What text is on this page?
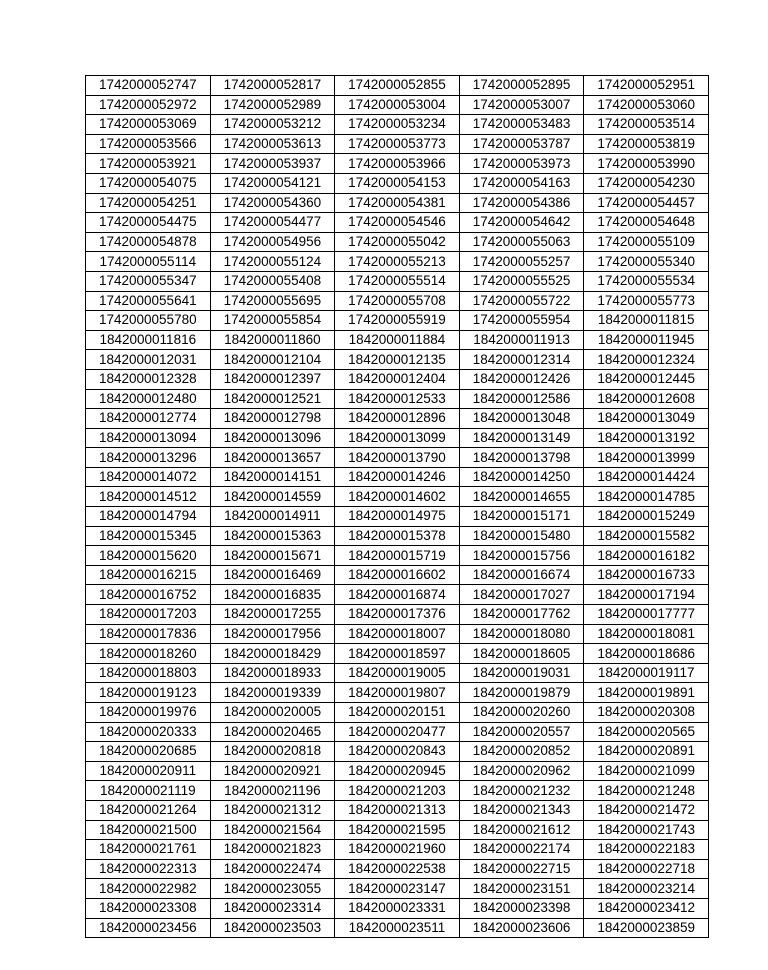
1742000052747	1742000052817	1742000052855	1742000052895	1742000052951
1742000052972	1742000052989	1742000053004	1742000053007	1742000053060
1742000053069	1742000053212	1742000053234	1742000053483	1742000053514
1742000053566	1742000053613	1742000053773	1742000053787	1742000053819
1742000053921	1742000053937	1742000053966	1742000053973	1742000053990
1742000054075	1742000054121	1742000054153	1742000054163	1742000054230
1742000054251	1742000054360	1742000054381	1742000054386	1742000054457
1742000054475	1742000054477	1742000054546	1742000054642	1742000054648
1742000054878	1742000054956	1742000055042	1742000055063	1742000055109
1742000055114	1742000055124	1742000055213	1742000055257	1742000055340
1742000055347	1742000055408	1742000055514	1742000055525	1742000055534
1742000055641	1742000055695	1742000055708	1742000055722	1742000055773
1742000055780	1742000055854	1742000055919	1742000055954	1842000011815
1842000011816	1842000011860	1842000011884	1842000011913	1842000011945
1842000012031	1842000012104	1842000012135	1842000012314	1842000012324
1842000012328	1842000012397	1842000012404	1842000012426	1842000012445
1842000012480	1842000012521	1842000012533	1842000012586	1842000012608
1842000012774	1842000012798	1842000012896	1842000013048	1842000013049
1842000013094	1842000013096	1842000013099	1842000013149	1842000013192
1842000013296	1842000013657	1842000013790	1842000013798	1842000013999
1842000014072	1842000014151	1842000014246	1842000014250	1842000014424
1842000014512	1842000014559	1842000014602	1842000014655	1842000014785
1842000014794	1842000014911	1842000014975	1842000015171	1842000015249
1842000015345	1842000015363	1842000015378	1842000015480	1842000015582
1842000015620	1842000015671	1842000015719	1842000015756	1842000016182
1842000016215	1842000016469	1842000016602	1842000016674	1842000016733
1842000016752	1842000016835	1842000016874	1842000017027	1842000017194
1842000017203	1842000017255	1842000017376	1842000017762	1842000017777
1842000017836	1842000017956	1842000018007	1842000018080	1842000018081
1842000018260	1842000018429	1842000018597	1842000018605	1842000018686
1842000018803	1842000018933	1842000019005	1842000019031	1842000019117
1842000019123	1842000019339	1842000019807	1842000019879	1842000019891
1842000019976	1842000020005	1842000020151	1842000020260	1842000020308
1842000020333	1842000020465	1842000020477	1842000020557	1842000020565
1842000020685	1842000020818	1842000020843	1842000020852	1842000020891
1842000020911	1842000020921	1842000020945	1842000020962	1842000021099
1842000021119	1842000021196	1842000021203	1842000021232	1842000021248
1842000021264	1842000021312	1842000021313	1842000021343	1842000021472
1842000021500	1842000021564	1842000021595	1842000021612	1842000021743
1842000021761	1842000021823	1842000021960	1842000022174	1842000022183
1842000022313	1842000022474	1842000022538	1842000022715	1842000022718
1842000022982	1842000023055	1842000023147	1842000023151	1842000023214
1842000023308	1842000023314	1842000023331	1842000023398	1842000023412
1842000023456	1842000023503	1842000023511	1842000023606	1842000023859
